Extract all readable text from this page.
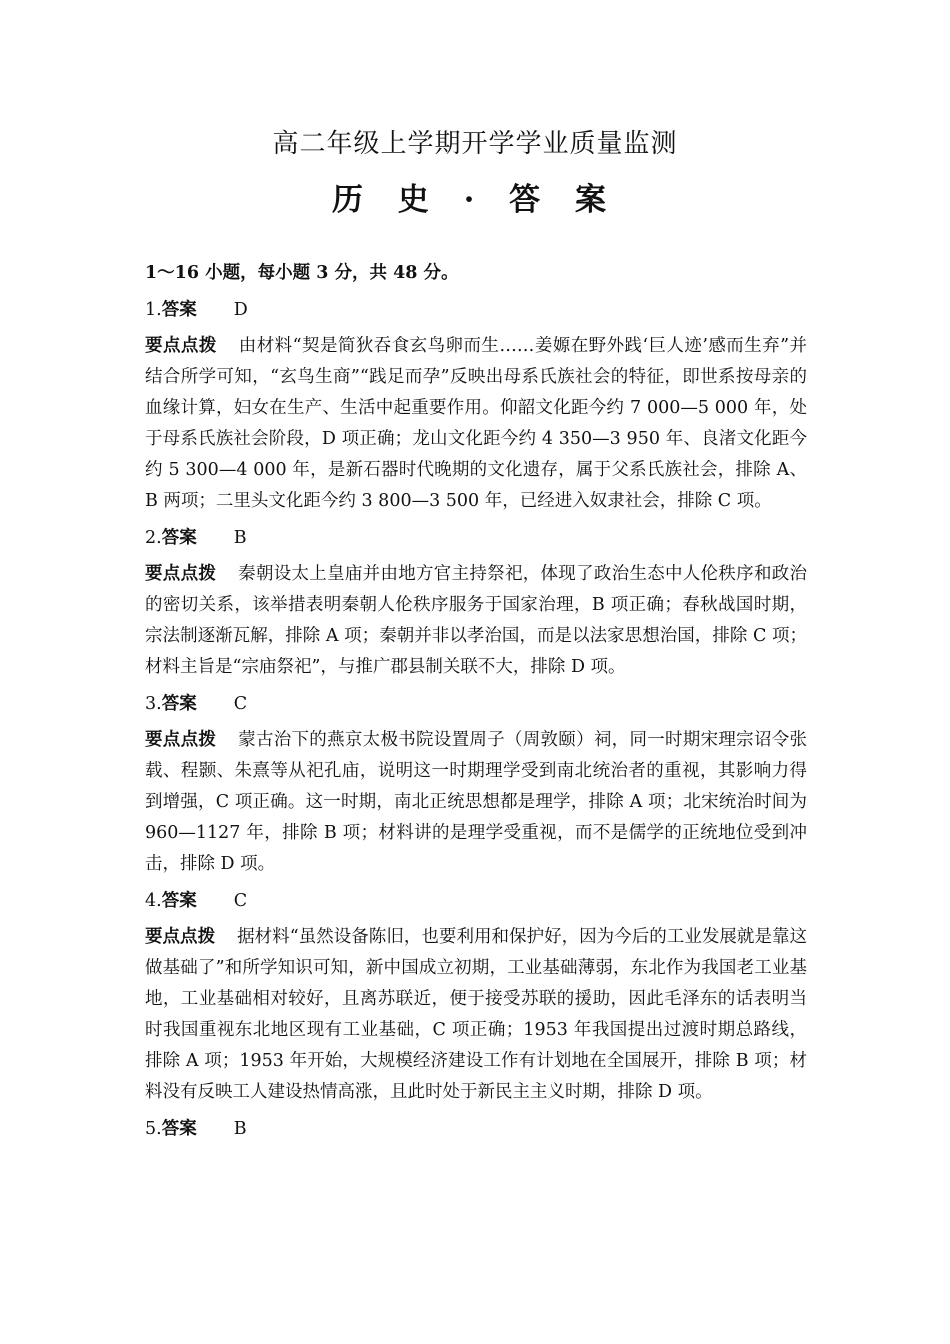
高二年级上学期开学学业质量监测
历 史 · 答 案
1～16 小题，每小题 3 分，共 48 分。
1.答案 D

要点点拨 由材料“契是简狄吞食玄鸟卵而生……姜嫄在野外践‘巨人迹’感而生弃”并结合所学可知，“玄鸟生商”“践足而孕”反映出母系氏族社会的特征，即世系按母亲的血缘计算，妇女在生产、生活中起重要作用。仰韶文化距今约 7 000—5 000 年，处于母系氏族社会阶段，D 项正确；龙山文化距今约 4 350—3 950 年、良渚文化距今约 5 300—4 000 年，是新石器时代晚期的文化遗存，属于父系氏族社会，排除 A、B 两项；二里头文化距今约 3 800—3 500 年，已经进入奴隶社会，排除 C 项。

2.答案 B

要点点拨 秦朝设太上皇庙并由地方官主持祭祀，体现了政治生态中人伦秩序和政治的密切关系，该举措表明秦朝人伦秩序服务于国家治理，B 项正确；春秋战国时期，宗法制逐渐瓦解，排除 A 项；秦朝并非以孝治国，而是以法家思想治国，排除 C 项；材料主旨是“宗庙祭祀”，与推广郡县制关联不大，排除 D 项。

3.答案 C

要点点拨 蒙古治下的燕京太极书院设置周子（周敦颐）祠，同一时期宋理宗诏令张载、程颢、朱熹等从祀孔庙，说明这一时期理学受到南北统治者的重视，其影响力得到增强，C 项正确。这一时期，南北正统思想都是理学，排除 A 项；北宋统治时间为 960—1127 年，排除 B 项；材料讲的是理学受重视，而不是儒学的正统地位受到冲击，排除 D 项。

4.答案 C

要点点拨 据材料“虽然设备陈旧，也要利用和保护好，因为今后的工业发展就是靠这做基础了”和所学知识可知，新中国成立初期，工业基础薄弱，东北作为我国老工业基地，工业基础相对较好，且离苏联近，便于接受苏联的援助，因此毛泽东的话表明当时我国重视东北地区现有工业基础，C 项正确；1953 年我国提出过渡时期总路线，排除 A 项；1953 年开始，大规模经济建设工作有计划地在全国展开，排除 B 项；材料没有反映工人建设热情高涨，且此时处于新民主主义时期，排除 D 项。

5.答案 B
